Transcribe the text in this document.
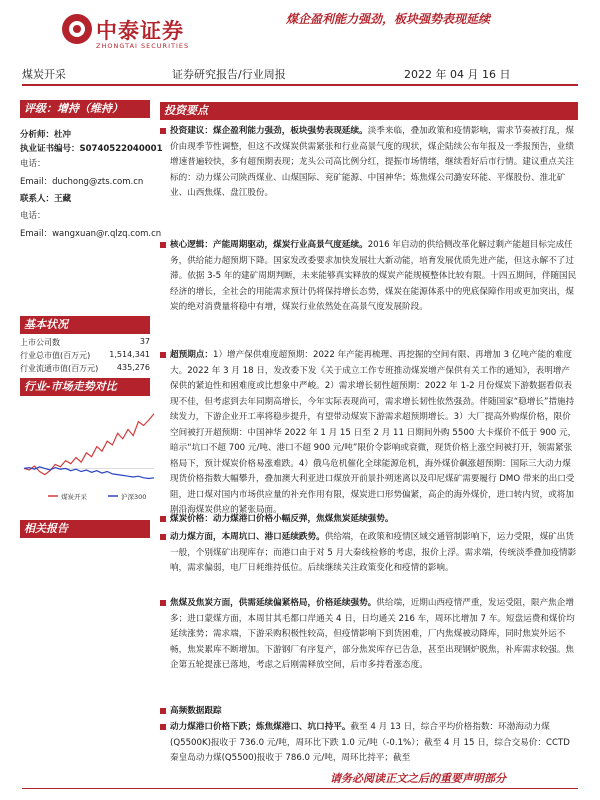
中泰证券
ZHONGTAI SECURITIES
煤企盈利能力强劲，板块强势表现延续
煤炭开采	证券研究报告/行业周报	2022 年 04 月 16 日
评级：增持（维持）
分析师：杜冲
执业证书编号：S0740522040001
电话：
Email：duchong@zts.com.cn
联系人：王藏
电话：
Email：wangxuan@r.qlzq.com.cn
基本状况
上市公司数	37
行业总市值(百万元) 1,514,341
行业流通市值(百万元) 435,276
行业-市场走势对比
煤炭开采	沪深300
相关报告
投资要点
投资建议：煤企盈利能力强劲，板块强势表现延续。淡季来临，叠加政策和疫情影响，需求节奏被打乱，煤价由现季节性调整，但这不改煤炭供需紧张和行业高景气度的现状，煤企陆续公布年报及一季报预告，业绩增速普遍较快，多有超预期表现；龙头公司高比例分红，提振市场情绪，继续看好后市行情。建议重点关注标的：动力煤公司陕西煤业、山煤国际、兖矿能源、中国神华；炼焦煤公司潞安环能、平煤股份、淮北矿业、山西焦煤、盘江股份。
核心逻辑：产能周期驱动，煤炭行业高景气度延续。2016 年启动的供给侧改革化解过剩产能超目标完成任务，供给能力超预期下降。国家发改委要求加快发展壮大新动能，培育发展优质先进产能，但这永解不了过滞。依据 3-5 年的建矿周期判断，未来能够真实释放的煤炭产能规模整体比较有限。十四五期间，伴随国民经济的增长，全社会的用能需求预计仍将保持增长态势，煤炭在能源体系中的兜底保障作用或更加突出，煤炭的绝对消费量将稳中有增，煤炭行业依然处在高景气度发展阶段。
超预期点：1）增产保供难度超预期：2022 年产能再梳理、再挖掘的空间有限、再增加 3 亿吨产能的难度大。2022 年 3 月 18 日，发改委下发《关于成立工作专班推动煤炭增产保供有关工作的通知》，表明增产保供的紧迫性和困难度或比想象中严峻。2）需求增长韧性超预期：2022 年 1-2 月份煤炭下游数据看似表现不佳，但考虑到去年同期高增长，今年实际表现尚可，需求增长韧性依然强劲。伴随国家“稳增长”措施持续发力，下游企业开工率将稳步提升，有望带动煤炭下游需求超预期增长。3）大厂提高外购煤价格，限价空间被打开超预期：中国神华 2022 年 1 月 15 日至 2 月 11 日期间外购 5500 大卡煤价不低于 900 元，暗示“坑口不超 700 元/吨、港口不超 900 元/吨”限价令影响或衰微，现货价格上涨空间被打开，领需紧张格局下，预计煤炭价格易涨难跌。4）俄乌危机催化全球能源危机，海外煤价飙涨超预期：国际三大动力煤现货价格指数大幅攀升，叠加澳大利亚进口煤放开前景扑朔迷离以及印尼煤矿需要履行 DMO 带来的出口受阻，进口煤对国内市场供应量的补充作用有限，煤炭进口形势偏紧，高企的海外煤价，进口转内贸，或将加剧沿海煤炭供应的紧张局面。
煤炭价格：动力煤港口价格小幅反弹，焦煤焦炭延续强势。
动力煤方面，本周坑口、港口延续跌势。供给端，在政策和疫情区域交通管制影响下，运力受限，煤矿出货一般，个别煤矿出现库存；而港口由于对 5 月大秦线检修的考虑，报价上浮。需求端，传统淡季叠加疫情影响，需求偏弱，电厂日耗维持低位。后续继续关注政策变化和疫情的影响。
焦煤及焦炭方面，供需延续偏紧格局，价格延续强势。供给端，近期山西疫情严重，发运受阻，限产焦企增多；进口蒙煤方面，本周甘其毛都口岸通关 4 日，日均通关 216 车，周环比增加 7 车。短盘运费和煤价均延续涨势；需求端，下游采购积极性较高，但疫情影响下到货困难，厂内焦煤被动降库，同时焦炭外运不畅，焦炭累库不断增加。下游钢厂有序复产，部分焦炭库存已告急，甚至出现钢炉脱焦，补库需求较强。焦企第五轮提涨已落地，考虑之后刚需释放空间，后市多持看涨态度。
高频数据跟踪
动力煤港口价格下跌；炼焦煤港口、坑口持平。截至 4 月 13 日，综合平均价格指数：环渤海动力煤(Q5500K)报收于 736.0 元/吨，周环比下跌 1.0 元/吨（-0.1%）；截至 4 月 15 日，综合交易价：CCTD 秦皇岛动力煤(Q5500)报收于 786.0 元/吨，周环比持平；截至
请务必阅读正文之后的重要声明部分
